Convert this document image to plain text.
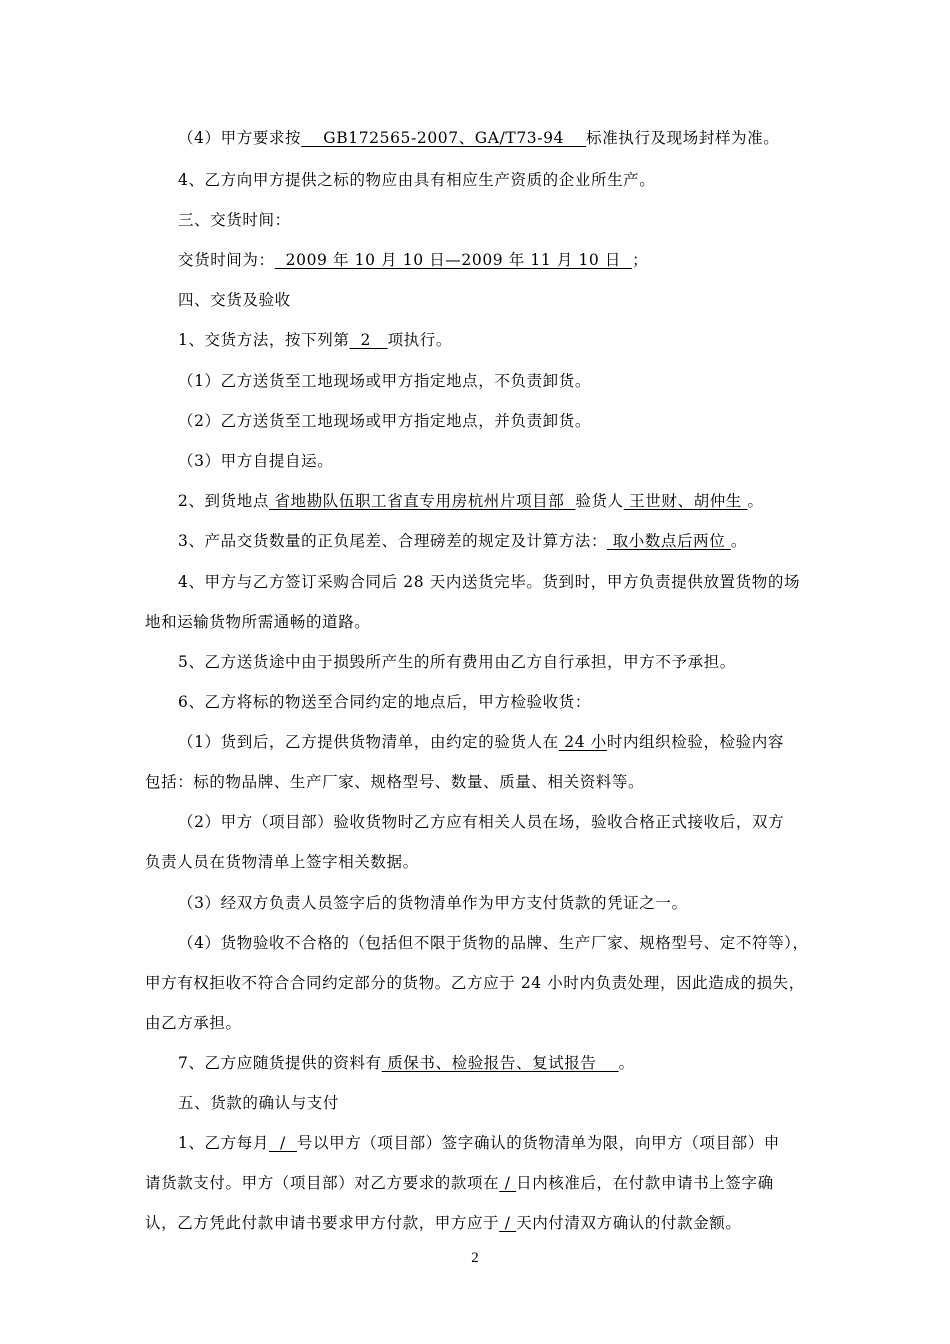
（4）甲方要求按    GB172565-2007、GA/T73-94    标准执行及现场封样为准。
4、乙方向甲方提供之标的物应由具有相应生产资质的企业所生产。
三、交货时间：
交货时间为：  2009 年 10 月 10 日—2009 年 11 月 10 日  ；
四、交货及验收
1、交货方法，按下列第  2   项执行。
（1）乙方送货至工地现场或甲方指定地点，不负责卸货。
（2）乙方送货至工地现场或甲方指定地点，并负责卸货。
（3）甲方自提自运。
2、到货地点 省地勘队伍职工省直专用房杭州片项目部  验货人 王世财、胡仲生 。
3、产品交货数量的正负尾差、合理磅差的规定及计算方法： 取小数点后两位 。
4、甲方与乙方签订采购合同后 28 天内送货完毕。货到时，甲方负责提供放置货物的场
地和运输货物所需通畅的道路。
5、乙方送货途中由于损毁所产生的所有费用由乙方自行承担，甲方不予承担。
6、乙方将标的物送至合同约定的地点后，甲方检验收货：
（1）货到后，乙方提供货物清单，由约定的验货人在 24 小时内组织检验，检验内容
包括：标的物品牌、生产厂家、规格型号、数量、质量、相关资料等。
（2）甲方（项目部）验收货物时乙方应有相关人员在场，验收合格正式接收后，双方
负责人员在货物清单上签字相关数据。
（3）经双方负责人员签字后的货物清单作为甲方支付货款的凭证之一。
（4）货物验收不合格的（包括但不限于货物的品牌、生产厂家、规格型号、定不符等），
甲方有权拒收不符合合同约定部分的货物。乙方应于 24 小时内负责处理，因此造成的损失，
由乙方承担。
7、乙方应随货提供的资料有 质保书、检验报告、复试报告    。
五、货款的确认与支付
1、乙方每月  /  号以甲方（项目部）签字确认的货物清单为限，向甲方（项目部）申
请货款支付。甲方（项目部）对乙方要求的款项在 / 日内核准后，在付款申请书上签字确
认，乙方凭此付款申请书要求甲方付款，甲方应于 / 天内付清双方确认的付款金额。
2
